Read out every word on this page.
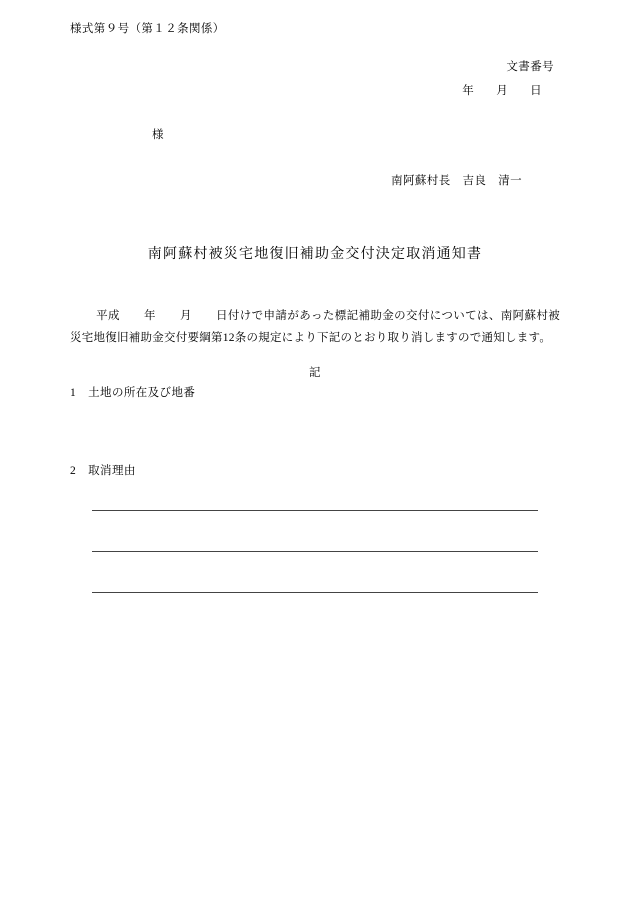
様式第９号（第１２条関係）
文書番号
年 月 日
様
南阿蘇村長　吉良　清一
南阿蘇村被災宅地復旧補助金交付決定取消通知書
平成 年 月 日付けで申請があった標記補助金の交付については、南阿蘇村被災宅地復旧補助金交付要綱第12条の規定により下記のとおり取り消しますので通知します。
記
1 土地の所在及び地番
2 取消理由
